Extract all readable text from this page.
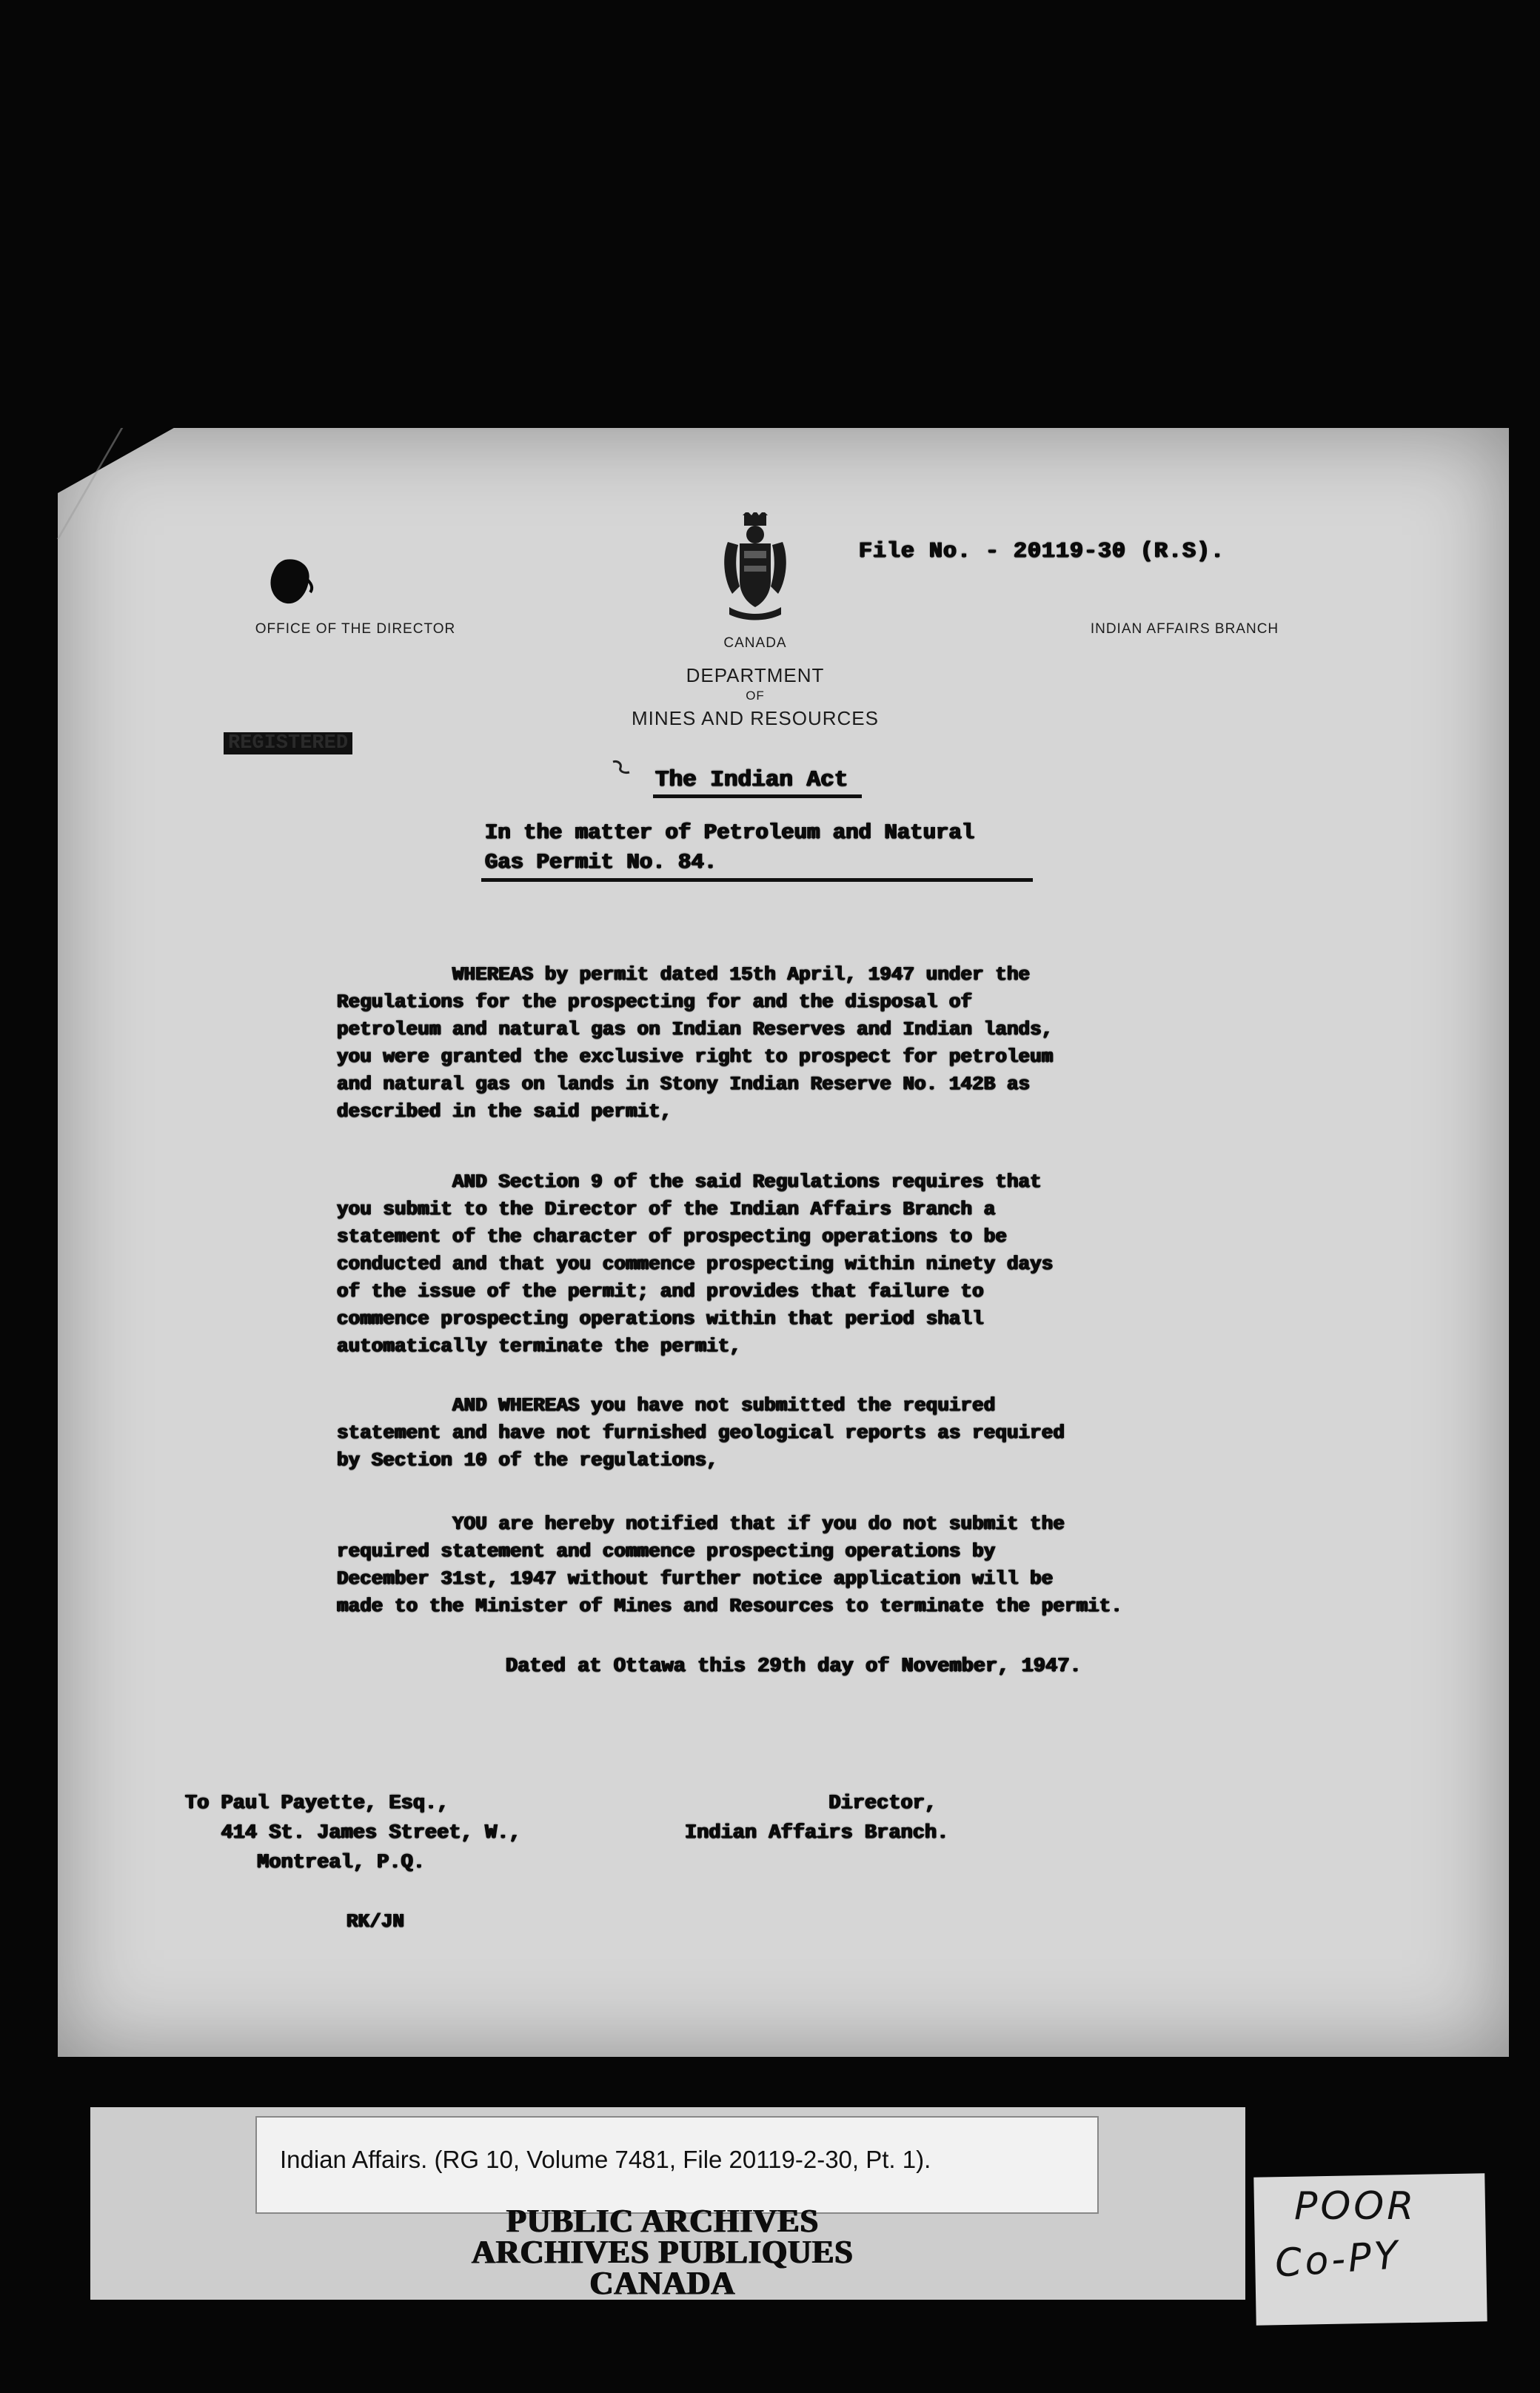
OFFICE OF THE DIRECTOR
CANADA
DEPARTMENT
OF
MINES AND RESOURCES
INDIAN AFFAIRS BRANCH
File No. - 20119-30 (R.S).
REGISTERED
The Indian Act
In the matter of Petroleum and Natural
Gas Permit No. 84.
WHEREAS by permit dated 15th April, 1947 under the
Regulations for the prospecting for and the disposal of
petroleum and natural gas on Indian Reserves and Indian lands,
you were granted the exclusive right to prospect for petroleum
and natural gas on lands in Stony Indian Reserve No. 142B as
described in the said permit,
AND Section 9 of the said Regulations requires that
you submit to the Director of the Indian Affairs Branch a
statement of the character of prospecting operations to be
conducted and that you commence prospecting within ninety days
of the issue of the permit; and provides that failure to
commence prospecting operations within that period shall
automatically terminate the permit,
AND WHEREAS you have not submitted the required
statement and have not furnished geological reports as required
by Section 10 of the regulations,
YOU are hereby notified that if you do not submit the
required statement and commence prospecting operations by
December 31st, 1947 without further notice application will be
made to the Minister of Mines and Resources to terminate the permit.
Dated at Ottawa this 29th day of November, 1947.
To Paul Payette, Esq.,
414 St. James Street, W.,
Montreal, P.Q.
Director,
Indian Affairs Branch.
RK/JN
Indian Affairs. (RG 10, Volume 7481, File 20119-2-30, Pt. 1).
PUBLIC ARCHIVES
ARCHIVES PUBLIQUES
CANADA
POOR
Co-PY
